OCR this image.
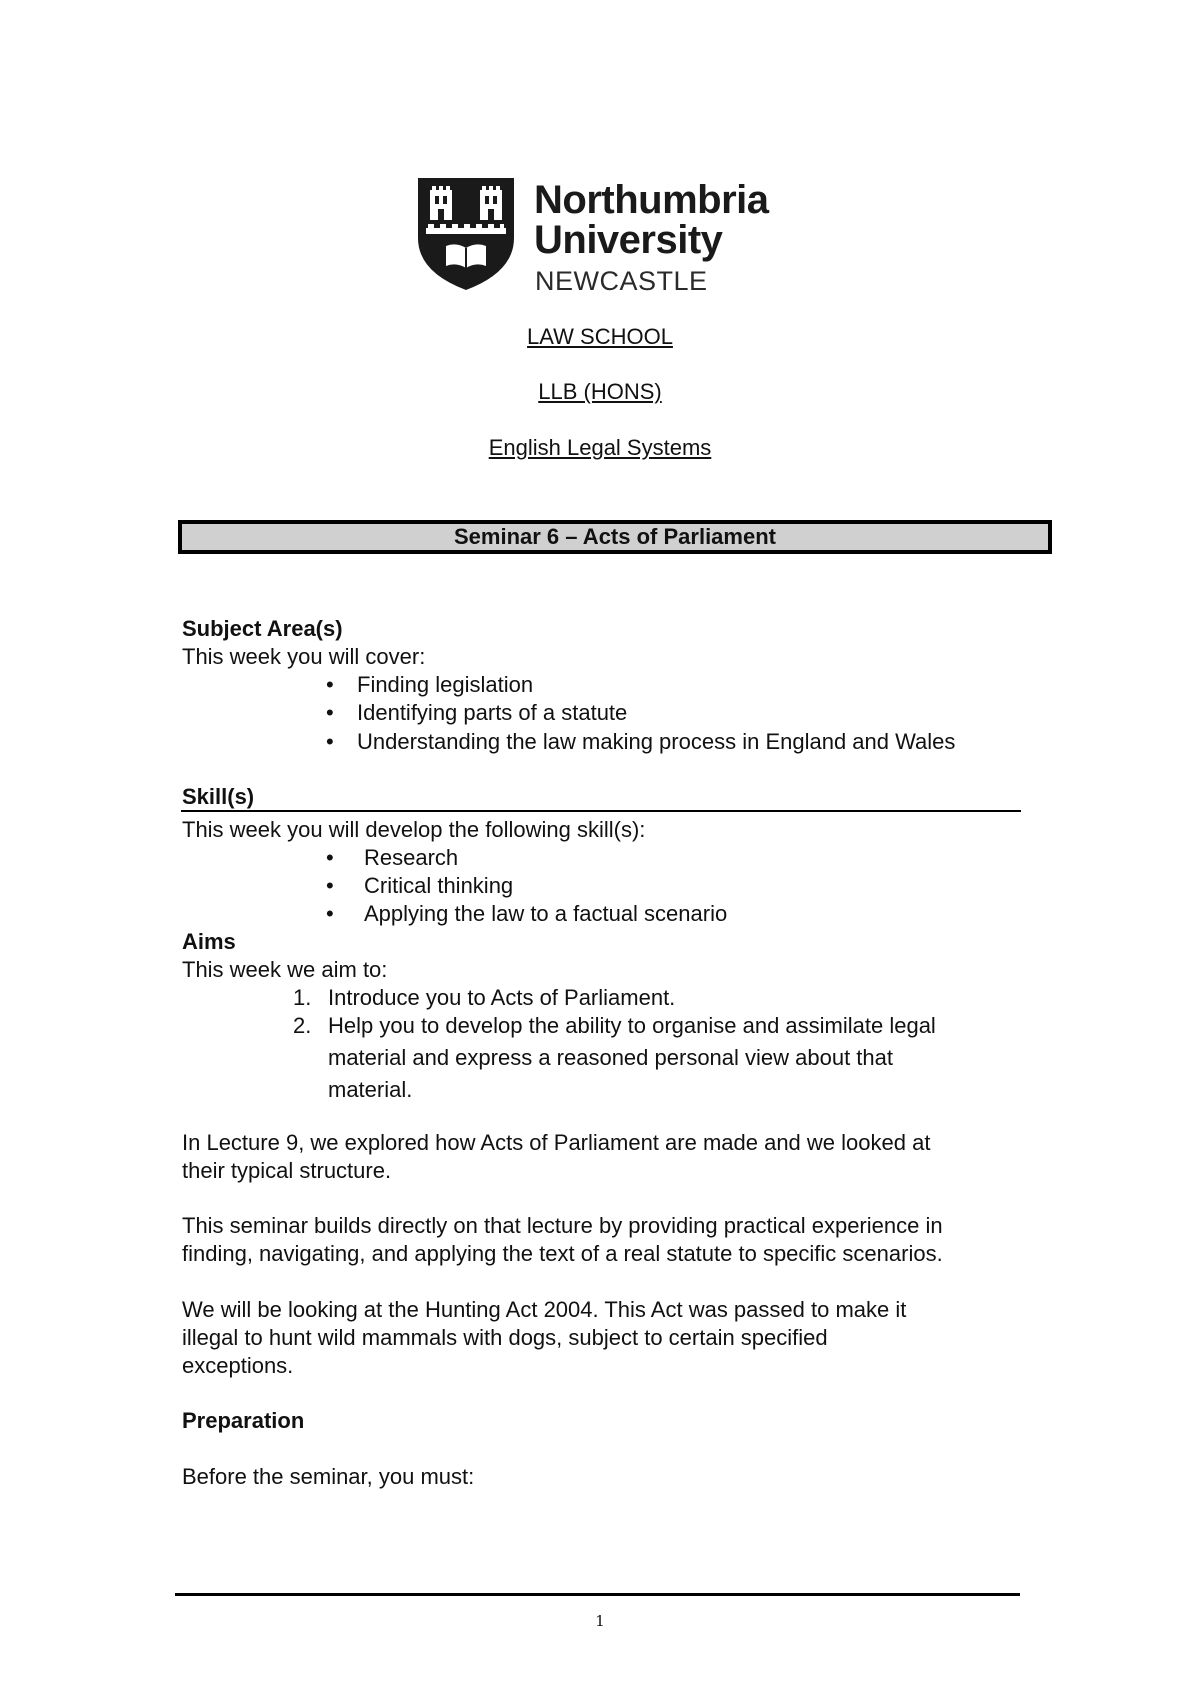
Northumbria
University
NEWCASTLE
LAW SCHOOL
LLB (HONS)
English Legal Systems
Seminar 6 – Acts of Parliament
Subject Area(s)
This week you will cover:
• Finding legislation
• Identifying parts of a statute
• Understanding the law making process in England and Wales
Skill(s)
This week you will develop the following skill(s):
• Research
• Critical thinking
• Applying the law to a factual scenario
Aims
This week we aim to:
1. Introduce you to Acts of Parliament.
2. Help you to develop the ability to organise and assimilate legal
material and express a reasoned personal view about that
material.
In Lecture 9, we explored how Acts of Parliament are made and we looked at
their typical structure.
This seminar builds directly on that lecture by providing practical experience in
finding, navigating, and applying the text of a real statute to specific scenarios.
We will be looking at the Hunting Act 2004. This Act was passed to make it
illegal to hunt wild mammals with dogs, subject to certain specified
exceptions.
Preparation
Before the seminar, you must:
1
